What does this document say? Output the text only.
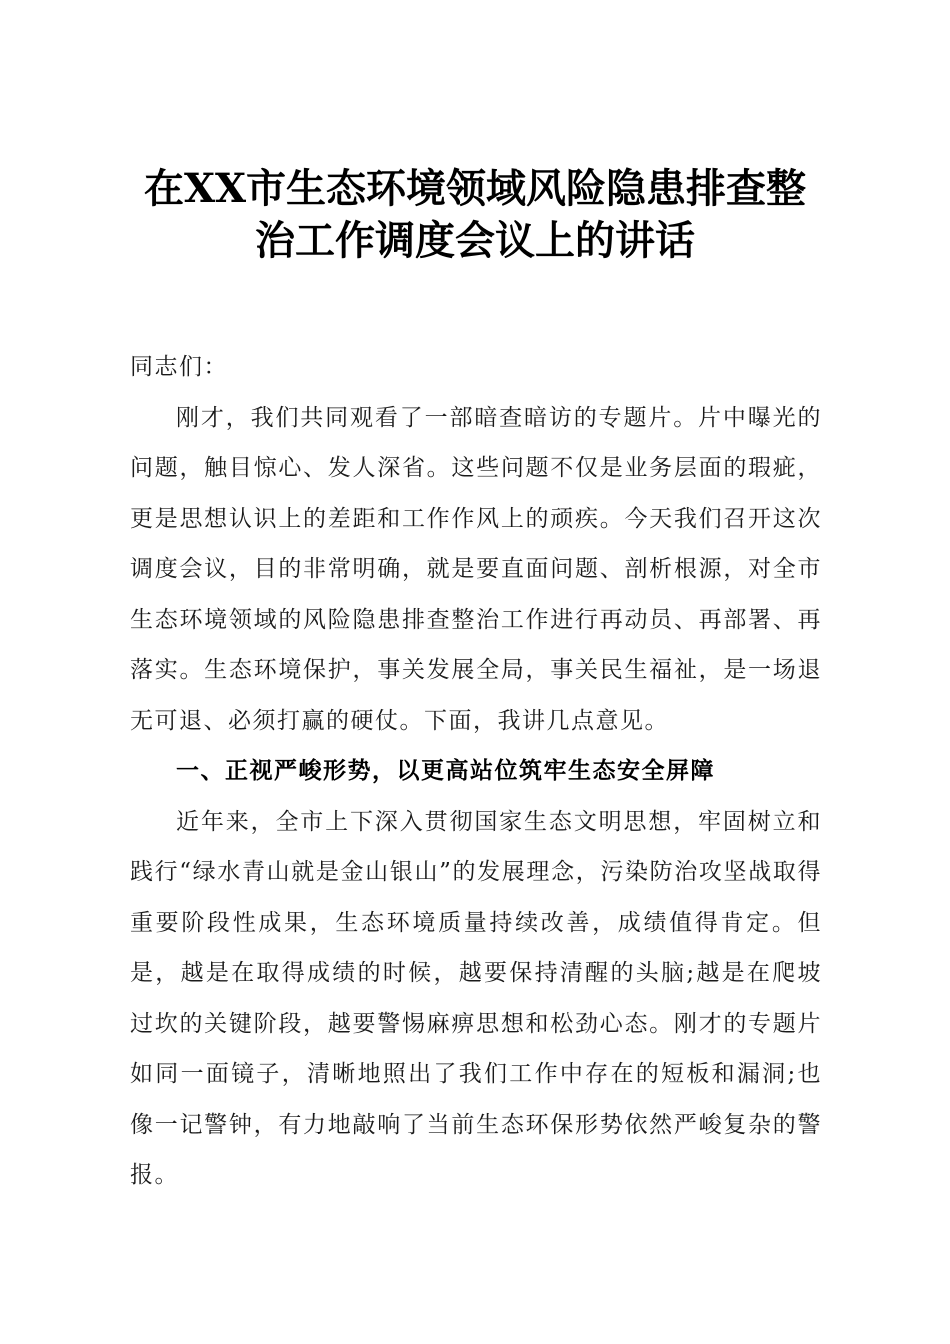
在XX市生态环境领域风险隐患排查整
治工作调度会议上的讲话

同志们：

刚才，我们共同观看了一部暗查暗访的专题片。片中曝光的问题，触目惊心、发人深省。这些问题不仅是业务层面的瑕疵，更是思想认识上的差距和工作作风上的顽疾。今天我们召开这次调度会议，目的非常明确，就是要直面问题、剖析根源，对全市生态环境领域的风险隐患排查整治工作进行再动员、再部署、再落实。生态环境保护，事关发展全局，事关民生福祉，是一场退无可退、必须打赢的硬仗。下面，我讲几点意见。

一、正视严峻形势，以更高站位筑牢生态安全屏障

近年来，全市上下深入贯彻国家生态文明思想，牢固树立和践行“绿水青山就是金山银山”的发展理念，污染防治攻坚战取得重要阶段性成果，生态环境质量持续改善，成绩值得肯定。但是，越是在取得成绩的时候，越要保持清醒的头脑;越是在爬坡过坎的关键阶段，越要警惕麻痹思想和松劲心态。刚才的专题片如同一面镜子，清晰地照出了我们工作中存在的短板和漏洞;也像一记警钟，有力地敲响了当前生态环保形势依然严峻复杂的警报。
